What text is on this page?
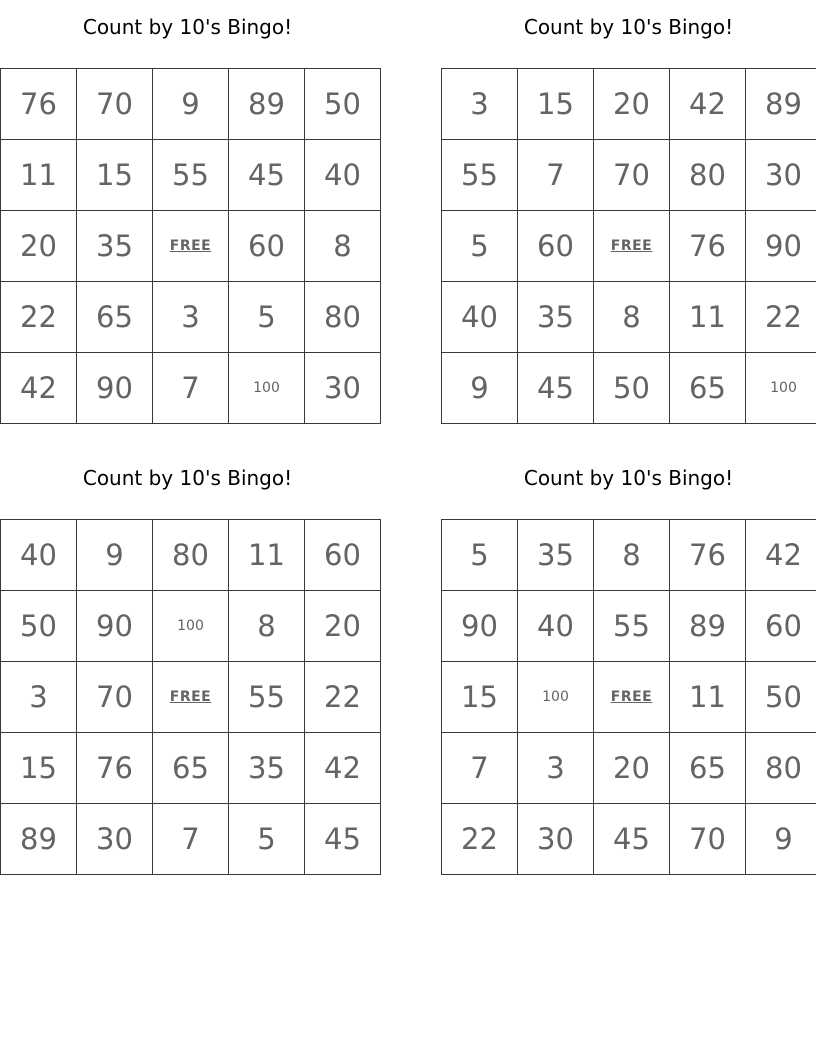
Count by 10's Bingo!
76	70	9	89	50
11	15	55	45	40
20	35	FREE	60	8
22	65	3	5	80
42	90	7	100	30
Count by 10's Bingo!
3	15	20	42	89
55	7	70	80	30
5	60	FREE	76	90
40	35	8	11	22
9	45	50	65	100
Count by 10's Bingo!
40	9	80	11	60
50	90	100	8	20
3	70	FREE	55	22
15	76	65	35	42
89	30	7	5	45
Count by 10's Bingo!
5	35	8	76	42
90	40	55	89	60
15	100	FREE	11	50
7	3	20	65	80
22	30	45	70	9
